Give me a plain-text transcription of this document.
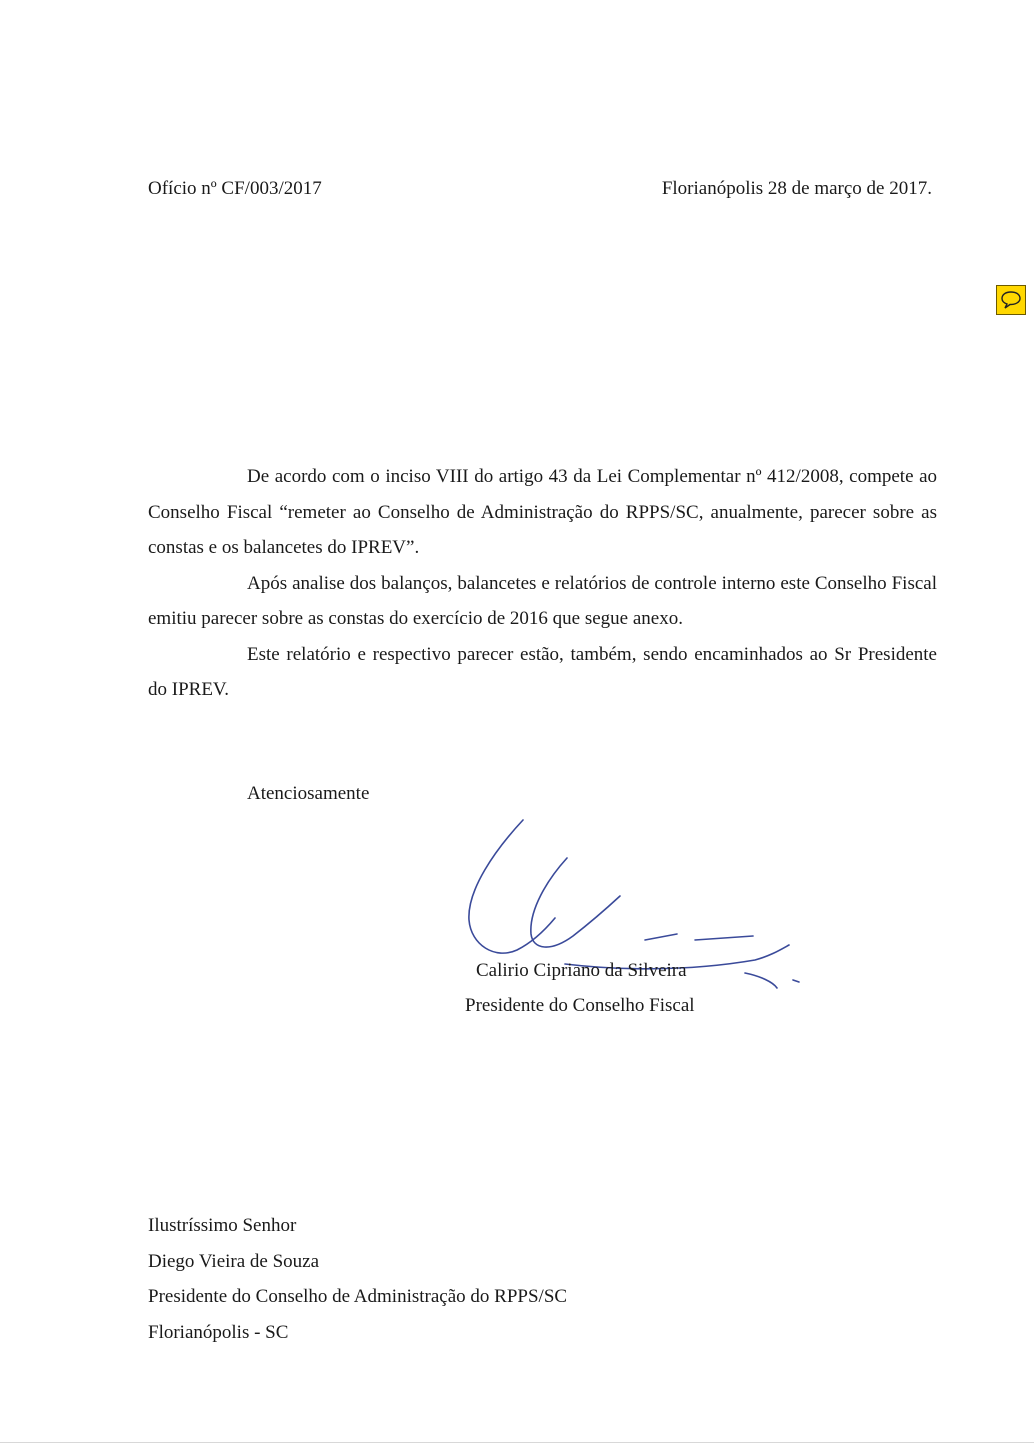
Ofício nº CF/003/2017	Florianópolis 28 de março de 2017.

De acordo com o inciso VIII do artigo 43 da Lei Complementar nº 412/2008, compete ao Conselho Fiscal “remeter ao Conselho de Administração do RPPS/SC, anualmente, parecer sobre as constas e os balancetes do IPREV”.

Após analise dos balanços, balancetes e relatórios de controle interno este Conselho Fiscal emitiu parecer sobre as constas do exercício de 2016 que segue anexo.

Este relatório e respectivo parecer estão, também, sendo encaminhados ao Sr Presidente do IPREV.

Atenciosamente
Calirio Cipriano da Silveira
Presidente do Conselho Fiscal
Ilustríssimo Senhor
Diego Vieira de Souza
Presidente do Conselho de Administração do RPPS/SC
Florianópolis - SC
